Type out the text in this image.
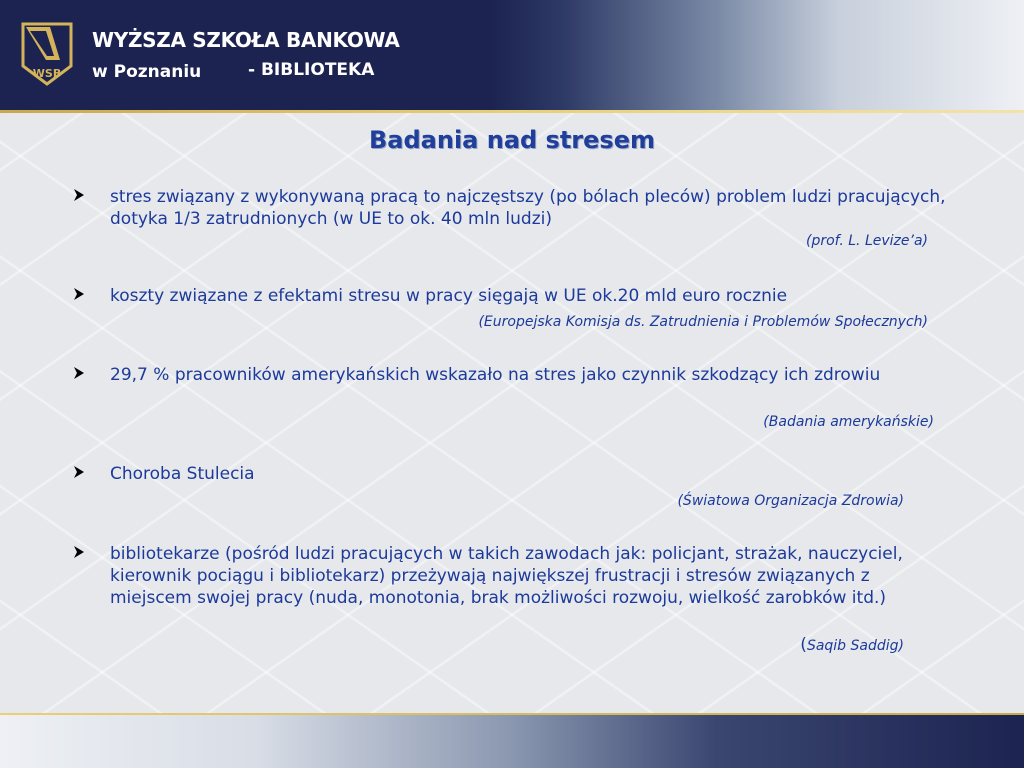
WSB
WYŻSZA SZKOŁA BANKOWA
w Poznaniu	- BIBLIOTEKA
Badania nad stresem
stres związany z wykonywaną pracą to najczęstszy (po bólach pleców) problem ludzi pracujących, dotyka 1/3 zatrudnionych (w UE to ok. 40 mln ludzi)
(prof. L. Levize’a)
koszty związane z efektami stresu w pracy sięgają w UE ok.20 mld euro rocznie
(Europejska Komisja ds. Zatrudnienia i Problemów Społecznych)
29,7 % pracowników amerykańskich wskazało na stres jako czynnik szkodzący ich zdrowiu
(Badania amerykańskie)
Choroba Stulecia
(Światowa Organizacja Zdrowia)
bibliotekarze (pośród ludzi pracujących w takich zawodach jak: policjant, strażak, nauczyciel, kierownik pociągu i bibliotekarz) przeżywają największej frustracji i stresów związanych z miejscem swojej pracy (nuda, monotonia, brak możliwości rozwoju, wielkość zarobków itd.)
(Saqib Saddig)
